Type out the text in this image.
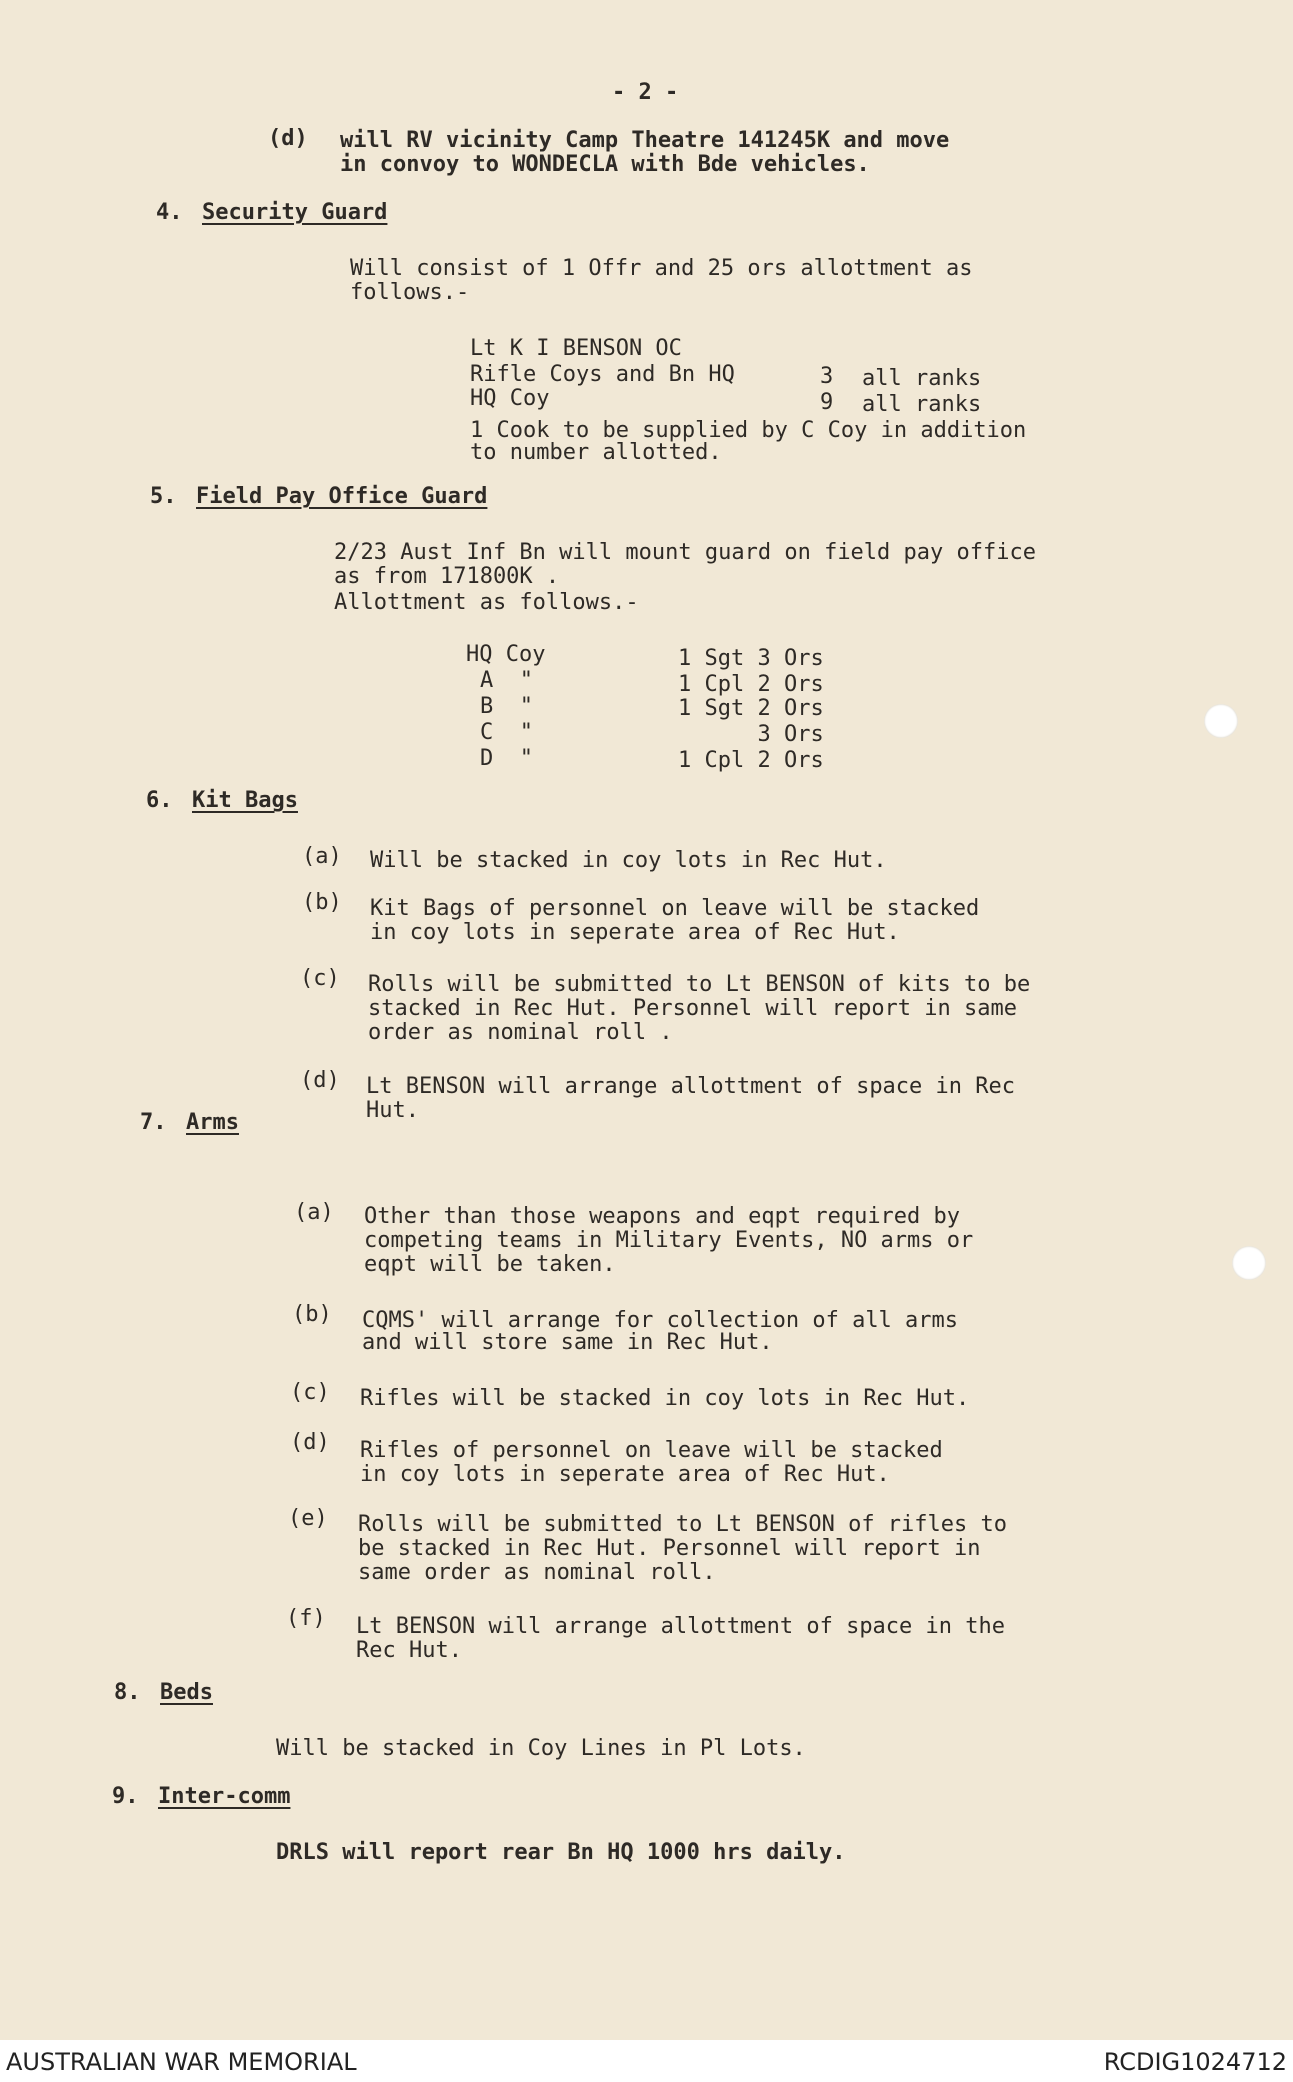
- 2 -
(d) will RV vicinity Camp Theatre 141245K and move
in convoy to WONDECLA with Bde vehicles.
4. Security Guard
Will consist of 1 Offr and 25 ors allottment as
follows.-
Lt K I BENSON OC
Rifle Coys and Bn HQ	3 all ranks
HQ Coy	9 all ranks
1 Cook to be supplied by C Coy in addition
to number allotted.
5. Field Pay Office Guard
2/23 Aust Inf Bn will mount guard on field pay office
as from 171800K .
Allottment as follows.-
HQ Coy	1 Sgt 3 Ors
A  "	1 Cpl 2 Ors
B  "	1 Sgt 2 Ors
C  "	3 Ors
D  "	1 Cpl 2 Ors
6. Kit Bags
(a) Will be stacked in coy lots in Rec Hut.
(b) Kit Bags of personnel on leave will be stacked
in coy lots in seperate area of Rec Hut.
(c) Rolls will be submitted to Lt BENSON of kits to be
stacked in Rec Hut. Personnel will report in same
order as nominal roll .
(d) Lt BENSON will arrange allottment of space in Rec
Hut.
7. Arms
(a) Other than those weapons and eqpt required by
competing teams in Military Events, NO arms or
eqpt will be taken.
(b) CQMS' will arrange for collection of all arms
and will store same in Rec Hut.
(c) Rifles will be stacked in coy lots in Rec Hut.
(d) Rifles of personnel on leave will be stacked
in coy lots in seperate area of Rec Hut.
(e) Rolls will be submitted to Lt BENSON of rifles to
be stacked in Rec Hut. Personnel will report in
same order as nominal roll.
(f) Lt BENSON will arrange allottment of space in the
Rec Hut.
8. Beds
Will be stacked in Coy Lines in Pl Lots.
9. Inter-comm
DRLS will report rear Bn HQ 1000 hrs daily.
AUSTRALIAN WAR MEMORIAL	RCDIG1024712
